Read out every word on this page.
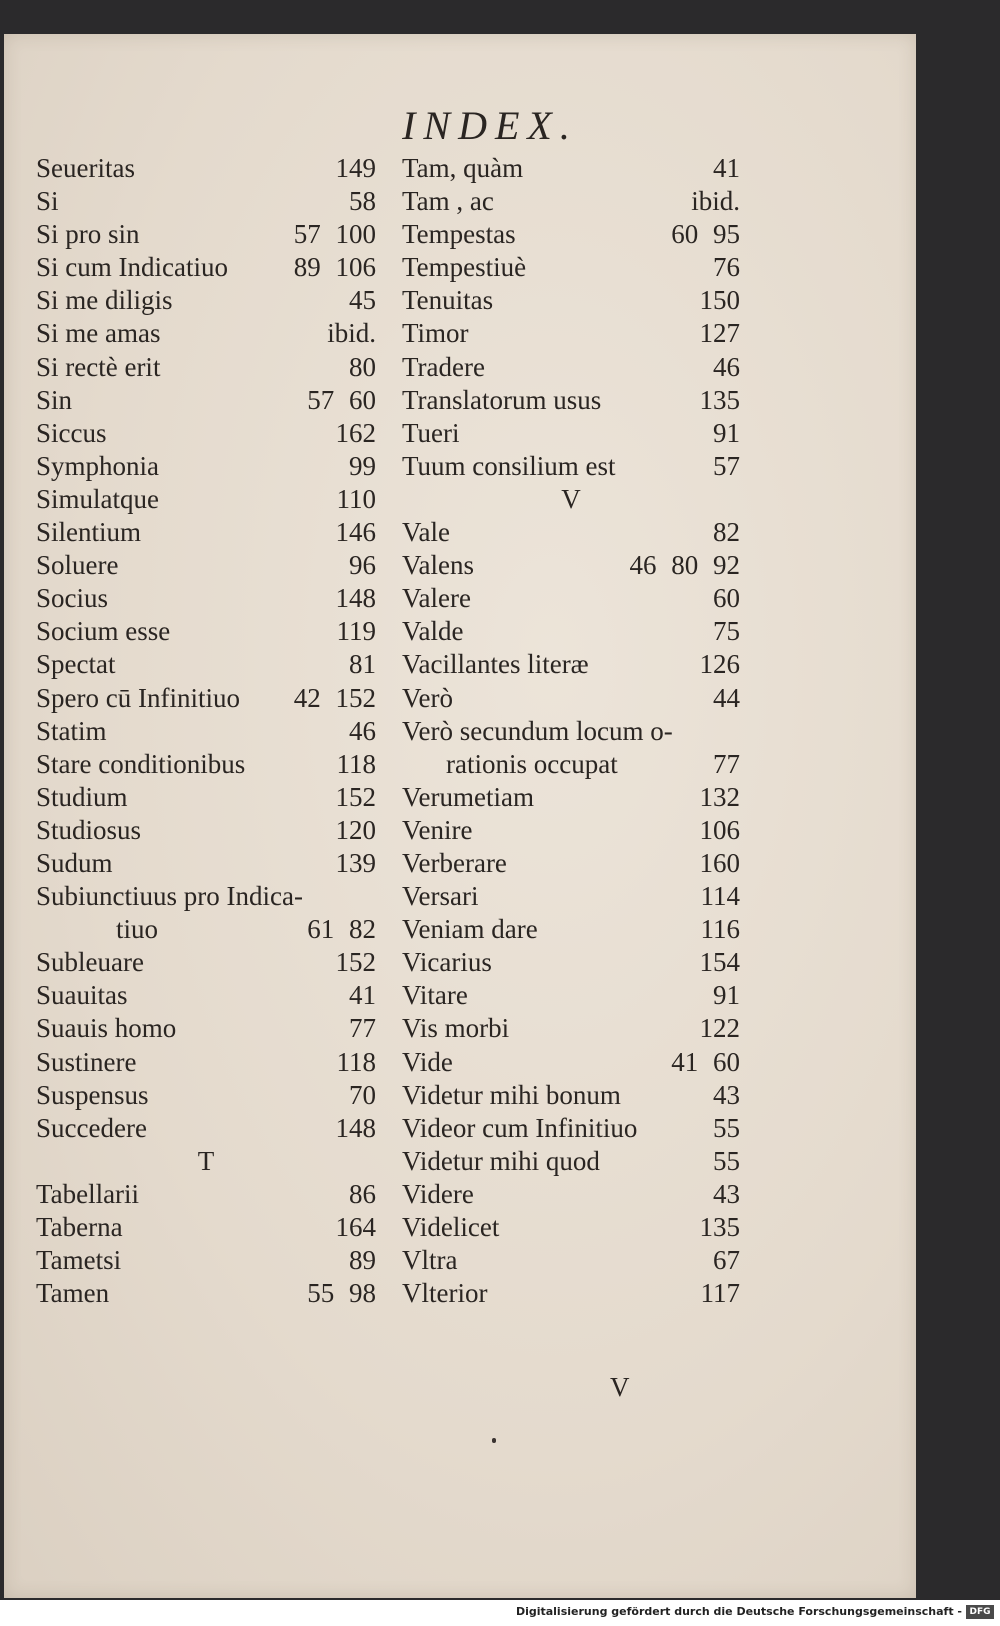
INDEX.
Seueritas	149
Si	58
Si pro sin	57 100
Si cum Indicatiuo 89 106
Si me diligis	45
Si me amas	ibid.
Si rectè erit	80
Sin	57 60
Siccus	162
Symphonia	99
Simulatque	110
Silentium	146
Soluere	96
Socius	148
Socium esse	119
Spectat	81
Spero cū Infinitiuo 42 152
Statim	46
Stare conditionibus	118
Studium	152
Studiosus	120
Sudum	139
Subiunctiuus pro Indica-
tiuo	61 82
Subleuare	152
Suauitas	41
Suauis homo	77
Sustinere	118
Suspensus	70
Succedere	148
T
Tabellarii	86
Taberna	164
Tametsi	89
Tamen	55 98
Tam, quàm	41
Tam , ac	ibid.
Tempestas	60 95
Tempestiuè	76
Tenuitas	150
Timor	127
Tradere	46
Translatorum usus	135
Tueri	91
Tuum consilium est	57
V
Vale	82
Valens	46 80 92
Valere	60
Valde	75
Vacillantes literæ	126
Verò	44
Verò secundum locum o-
rationis occupat	77
Verumetiam	132
Venire	106
Verberare	160
Versari	114
Veniam dare	116
Vicarius	154
Vitare	91
Vis morbi	122
Vide	41 60
Videtur mihi bonum	43
Videor cum Infinitiuo	55
Videtur mihi quod	55
Videre	43
Videlicet	135
Vltra	67
Vlterior	117
V
Digitalisierung gefördert durch die Deutsche Forschungsgemeinschaft - DFG
